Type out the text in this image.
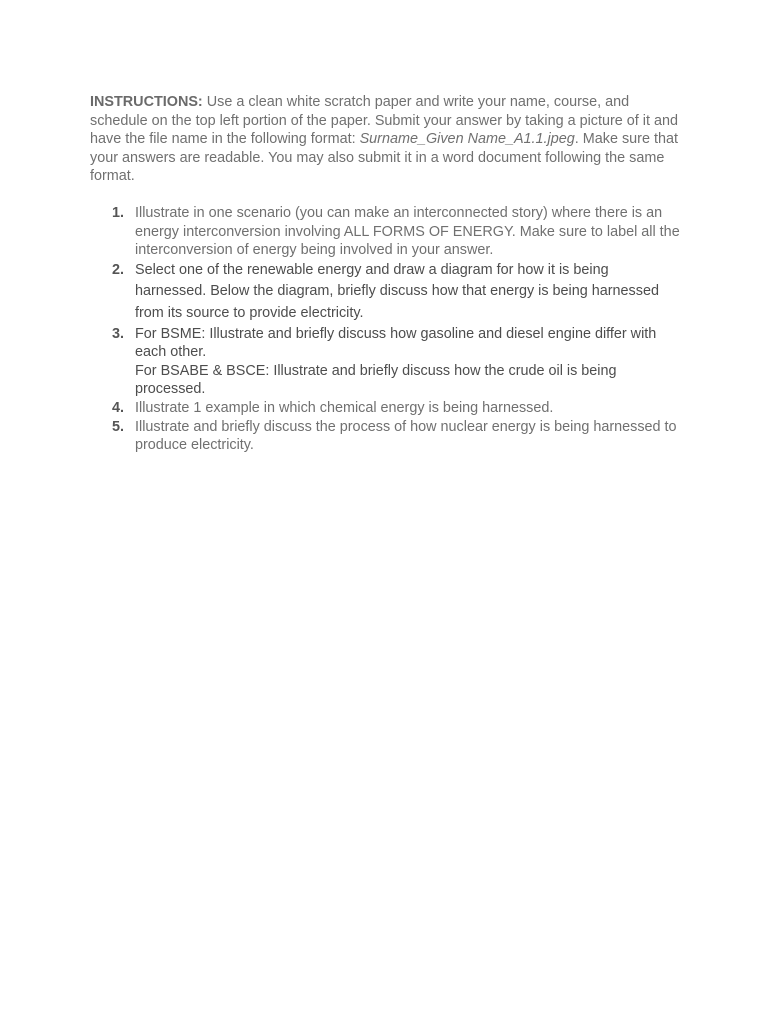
INSTRUCTIONS: Use a clean white scratch paper and write your name, course, and schedule on the top left portion of the paper. Submit your answer by taking a picture of it and have the file name in the following format: Surname_Given Name_A1.1.jpeg. Make sure that your answers are readable. You may also submit it in a word document following the same format.

1. Illustrate in one scenario (you can make an interconnected story) where there is an energy interconversion involving ALL FORMS OF ENERGY. Make sure to label all the interconversion of energy being involved in your answer.
2. Select one of the renewable energy and draw a diagram for how it is being harnessed. Below the diagram, briefly discuss how that energy is being harnessed from its source to provide electricity.
3. For BSME: Illustrate and briefly discuss how gasoline and diesel engine differ with each other.
For BSABE & BSCE: Illustrate and briefly discuss how the crude oil is being processed.
4. Illustrate 1 example in which chemical energy is being harnessed.
5. Illustrate and briefly discuss the process of how nuclear energy is being harnessed to produce electricity.
